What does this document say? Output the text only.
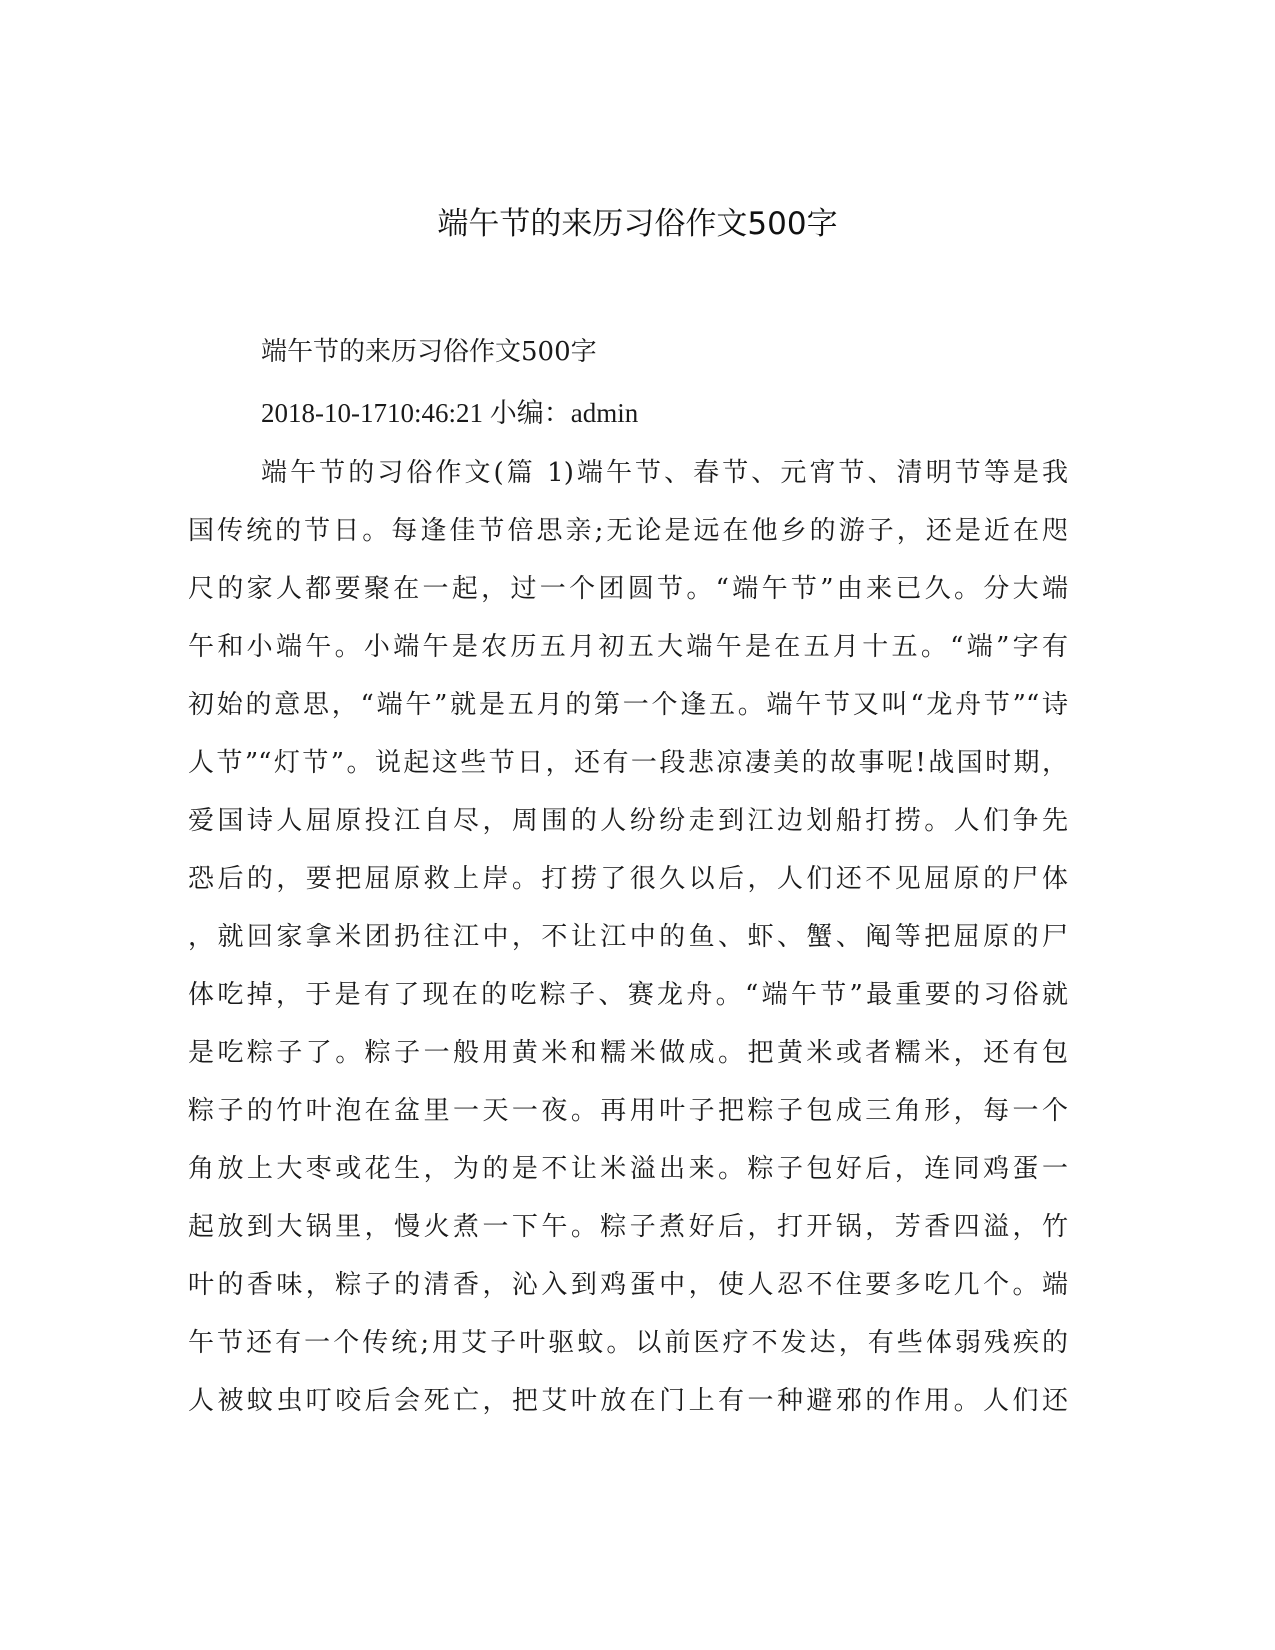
端午节的来历习俗作文500字
端午节的来历习俗作文500字
2018-10-1710:46:21 小编：admin
端午节的习俗作文(篇 1)端午节、春节、元宵节、清明节等是我
国传统的节日。每逢佳节倍思亲;无论是远在他乡的游子，还是近在咫
尺的家人都要聚在一起，过一个团圆节。“端午节”由来已久。分大端
午和小端午。小端午是农历五月初五大端午是在五月十五。“端”字有
初始的意思，“端午”就是五月的第一个逢五。端午节又叫“龙舟节”“诗
人节”“灯节”。说起这些节日，还有一段悲凉凄美的故事呢!战国时期，
爱国诗人屈原投江自尽，周围的人纷纷走到江边划船打捞。人们争先
恐后的，要把屈原救上岸。打捞了很久以后，人们还不见屈原的尸体
，就回家拿米团扔往江中，不让江中的鱼、虾、蟹、阄等把屈原的尸
体吃掉，于是有了现在的吃粽子、赛龙舟。“端午节”最重要的习俗就
是吃粽子了。粽子一般用黄米和糯米做成。把黄米或者糯米，还有包
粽子的竹叶泡在盆里一天一夜。再用叶子把粽子包成三角形，每一个
角放上大枣或花生，为的是不让米溢出来。粽子包好后，连同鸡蛋一
起放到大锅里，慢火煮一下午。粽子煮好后，打开锅，芳香四溢，竹
叶的香味，粽子的清香，沁入到鸡蛋中，使人忍不住要多吃几个。端
午节还有一个传统;用艾子叶驱蚊。以前医疗不发达，有些体弱残疾的
人被蚊虫叮咬后会死亡，把艾叶放在门上有一种避邪的作用。人们还
